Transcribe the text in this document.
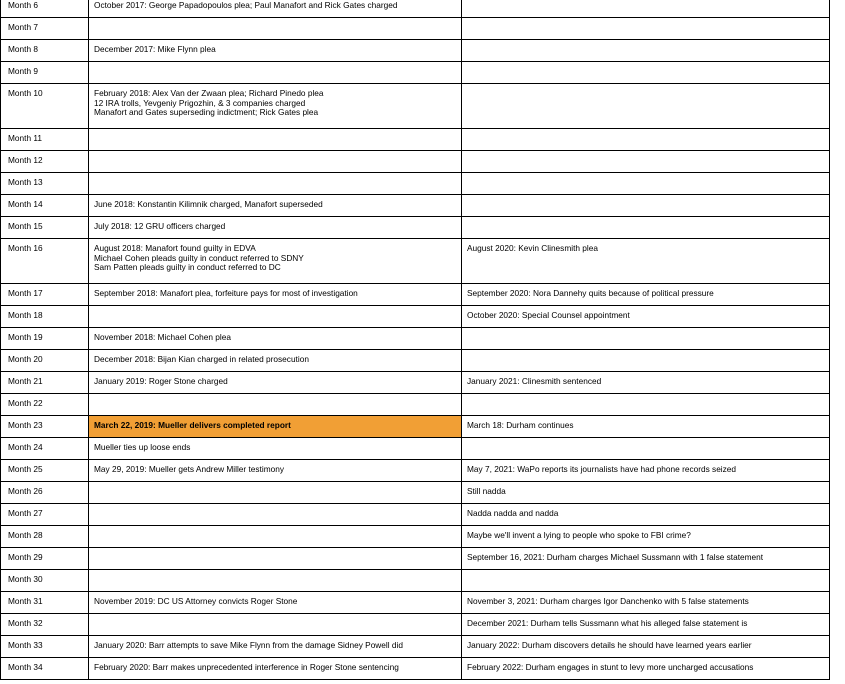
Month 6	October 2017: George Papadopoulos plea; Paul Manafort and Rick Gates charged	

Month 7		

Month 8	December 2017: Mike Flynn plea	

Month 9		

Month 10	February 2018: Alex Van der Zwaan plea; Richard Pinedo plea
12 IRA trolls, Yevgeniy Prigozhin, & 3 companies charged
Manafort and Gates superseding indictment; Rick Gates plea	

Month 11		

Month 12		

Month 13		

Month 14	June 2018: Konstantin Kilimnik charged, Manafort superseded	

Month 15	July 2018: 12 GRU officers charged	

Month 16	August 2018: Manafort found guilty in EDVA
Michael Cohen pleads guilty in conduct referred to SDNY
Sam Patten pleads guilty in conduct referred to DC	August 2020: Kevin Clinesmith plea

Month 17	September 2018: Manafort plea, forfeiture pays for most of investigation	September 2020: Nora Dannehy quits because of political pressure

Month 18		October 2020: Special Counsel appointment

Month 19	November 2018: Michael Cohen plea	

Month 20	December 2018: Bijan Kian charged in related prosecution	

Month 21	January 2019: Roger Stone charged	January 2021: Clinesmith sentenced

Month 22		

Month 23	March 22, 2019: Mueller delivers completed report	March 18: Durham continues

Month 24	Mueller ties up loose ends	

Month 25	May 29, 2019: Mueller gets Andrew Miller testimony	May 7, 2021: WaPo reports its journalists have had phone records seized

Month 26		Still nadda

Month 27		Nadda nadda and nadda

Month 28		Maybe we'll invent a lying to people who spoke to FBI crime?

Month 29		September 16, 2021: Durham charges Michael Sussmann with 1 false statement

Month 30		

Month 31	November 2019: DC US Attorney convicts Roger Stone	November 3, 2021: Durham charges Igor Danchenko with 5 false statements

Month 32		December 2021: Durham tells Sussmann what his alleged false statement is

Month 33	January 2020: Barr attempts to save Mike Flynn from the damage Sidney Powell did	January 2022: Durham discovers details he should have learned years earlier

Month 34	February 2020: Barr makes unprecedented interference in Roger Stone sentencing	February 2022: Durham engages in stunt to levy more uncharged accusations
